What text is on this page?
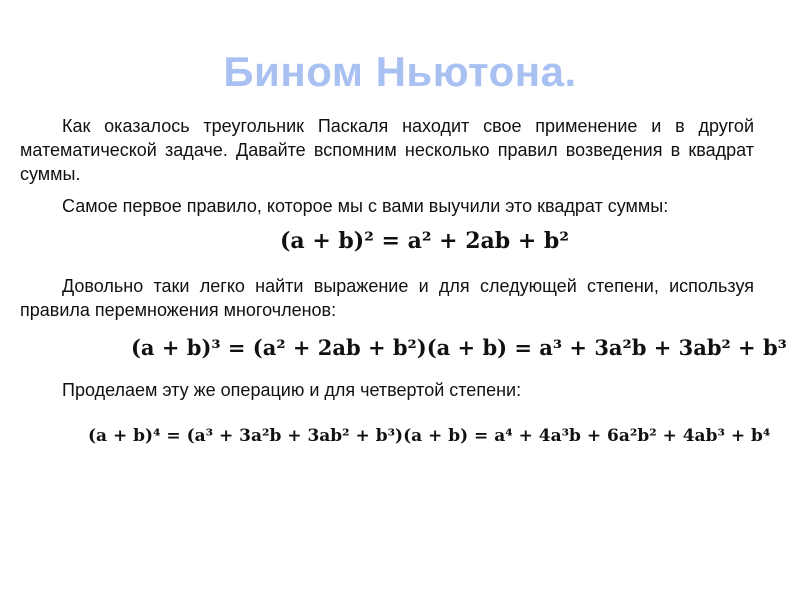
Бином Ньютона.
Как оказалось треугольник Паскаля находит свое применение и в другой математической задаче. Давайте вспомним несколько правил возведения в квадрат суммы.
Самое первое правило, которое мы с вами выучили это квадрат суммы:
(a + b)² = a² + 2ab + b²
Довольно таки легко найти выражение и для следующей степени, используя правила перемножения многочленов:
(a + b)³ = (a² + 2ab + b²)(a + b) = a³ + 3a²b + 3ab² + b³
Проделаем эту же операцию и для четвертой степени:
(a + b)⁴ = (a³ + 3a²b + 3ab² + b³)(a + b) = a⁴ + 4a³b + 6a²b² + 4ab³ + b⁴
